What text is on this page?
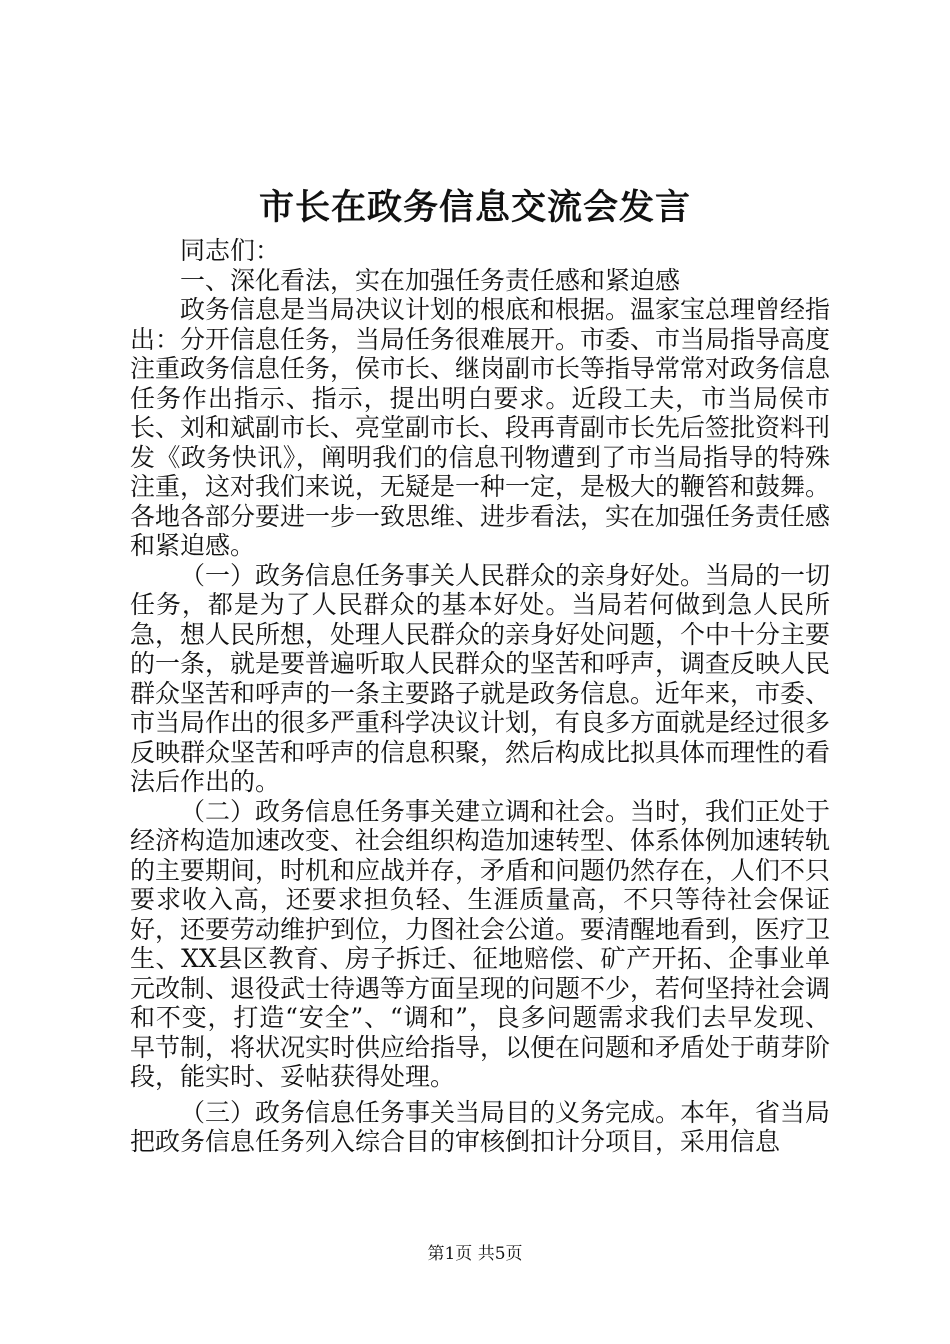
市长在政务信息交流会发言

同志们：

一、深化看法，实在加强任务责任感和紧迫感

政务信息是当局决议计划的根底和根据。温家宝总理曾经指出：分开信息任务，当局任务很难展开。市委、市当局指导高度注重政务信息任务，侯市长、继岗副市长等指导常常对政务信息任务作出指示、指示，提出明白要求。近段工夫，市当局侯市长、刘和斌副市长、亮堂副市长、段再青副市长先后签批资料刊发《政务快讯》，阐明我们的信息刊物遭到了市当局指导的特殊注重，这对我们来说，无疑是一种一定，是极大的鞭笞和鼓舞。各地各部分要进一步一致思维、进步看法，实在加强任务责任感和紧迫感。

（一）政务信息任务事关人民群众的亲身好处。当局的一切任务，都是为了人民群众的基本好处。当局若何做到急人民所急，想人民所想，处理人民群众的亲身好处问题，个中十分主要的一条，就是要普遍听取人民群众的坚苦和呼声，调查反映人民群众坚苦和呼声的一条主要路子就是政务信息。近年来，市委、市当局作出的很多严重科学决议计划，有良多方面就是经过很多反映群众坚苦和呼声的信息积聚，然后构成比拟具体而理性的看法后作出的。

（二）政务信息任务事关建立调和社会。当时，我们正处于经济构造加速改变、社会组织构造加速转型、体系体例加速转轨的主要期间，时机和应战并存，矛盾和问题仍然存在，人们不只要求收入高，还要求担负轻、生涯质量高，不只等待社会保证好，还要劳动维护到位，力图社会公道。要清醒地看到，医疗卫生、XX县区教育、房子拆迁、征地赔偿、矿产开拓、企事业单元改制、退役武士待遇等方面呈现的问题不少，若何坚持社会调和不变，打造“安全”、“调和”，良多问题需求我们去早发现、早节制，将状况实时供应给指导，以便在问题和矛盾处于萌芽阶段，能实时、妥帖获得处理。

（三）政务信息任务事关当局目的义务完成。本年，省当局把政务信息任务列入综合目的审核倒扣计分项目，采用信息

第1页 共5页
